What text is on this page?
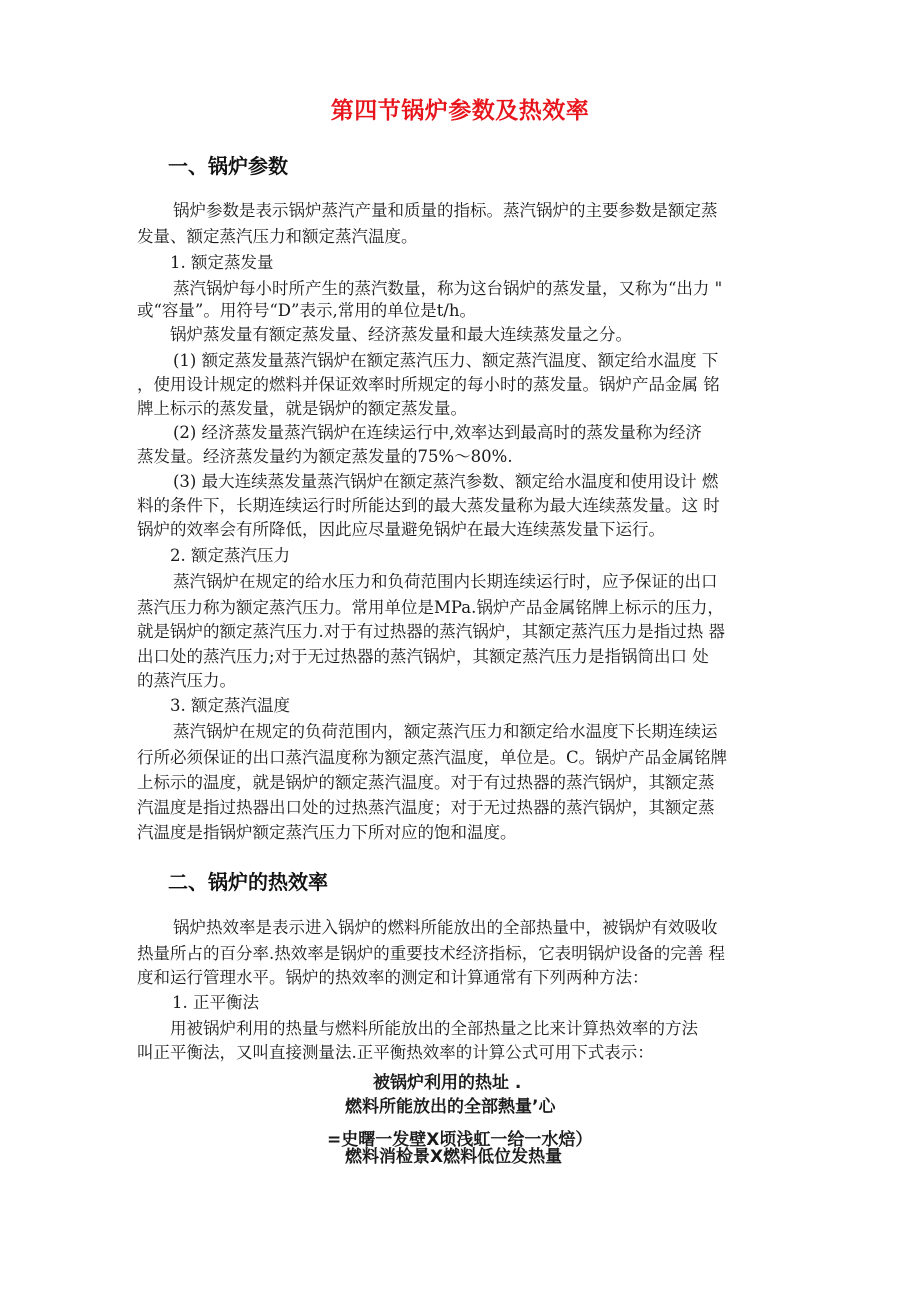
第四节锅炉参数及热效率
一、锅炉参数
锅炉参数是表示锅炉蒸汽产量和质量的指标。蒸汽锅炉的主要参数是额定蒸
发量、额定蒸汽压力和额定蒸汽温度。
1. 额定蒸发量
蒸汽锅炉每小时所产生的蒸汽数量，称为这台锅炉的蒸发量，又称为“出力 "
或“容量”。用符号“D”表示,常用的单位是t/h。
锅炉蒸发量有额定蒸发量、经济蒸发量和最大连续蒸发量之分。
(1) 额定蒸发量蒸汽锅炉在额定蒸汽压力、额定蒸汽温度、额定给水温度 下
，使用设计规定的燃料并保证效率时所规定的每小时的蒸发量。锅炉产品金属 铭
牌上标示的蒸发量，就是锅炉的额定蒸发量。
(2) 经济蒸发量蒸汽锅炉在连续运行中,效率达到最高时的蒸发量称为经济
蒸发量。经济蒸发量约为额定蒸发量的75%〜80%.
(3) 最大连续蒸发量蒸汽锅炉在额定蒸汽参数、额定给水温度和使用设计 燃
料的条件下，长期连续运行时所能达到的最大蒸发量称为最大连续蒸发量。这 时
锅炉的效率会有所降低，因此应尽量避免锅炉在最大连续蒸发量下运行。
2. 额定蒸汽压力
蒸汽锅炉在规定的给水压力和负荷范围内长期连续运行时，应予保证的出口
蒸汽压力称为额定蒸汽压力。常用单位是MPa.锅炉产品金属铭牌上标示的压力，
就是锅炉的额定蒸汽压力.对于有过热器的蒸汽锅炉，其额定蒸汽压力是指过热 器
出口处的蒸汽压力;对于无过热器的蒸汽锅炉，其额定蒸汽压力是指锅筒出口 处
的蒸汽压力。
3. 额定蒸汽温度
蒸汽锅炉在规定的负荷范围内，额定蒸汽压力和额定给水温度下长期连续运
行所必须保证的出口蒸汽温度称为额定蒸汽温度，单位是。C。锅炉产品金属铭牌
上标示的温度，就是锅炉的额定蒸汽温度。对于有过热器的蒸汽锅炉，其额定蒸
汽温度是指过热器出口处的过热蒸汽温度；对于无过热器的蒸汽锅炉，其额定蒸
汽温度是指锅炉额定蒸汽压力下所对应的饱和温度。
二、锅炉的热效率
锅炉热效率是表示进入锅炉的燃料所能放出的全部热量中，被锅炉有效吸收
热量所占的百分率.热效率是锅炉的重要技术经济指标，它表明锅炉设备的完善 程
度和运行管理水平。锅炉的热效率的测定和计算通常有下列两种方法：
1. 正平衡法
用被锅炉利用的热量与燃料所能放出的全部热量之比来计算热效率的方法
叫正平衡法，又叫直接测量法.正平衡热效率的计算公式可用下式表示：
被锅炉利用的热址 .
燃料所能放出的全部熱量’心
=史曙一发壁X顷浅虹一给一水焙）
燃料消检景X燃料低位发热量
